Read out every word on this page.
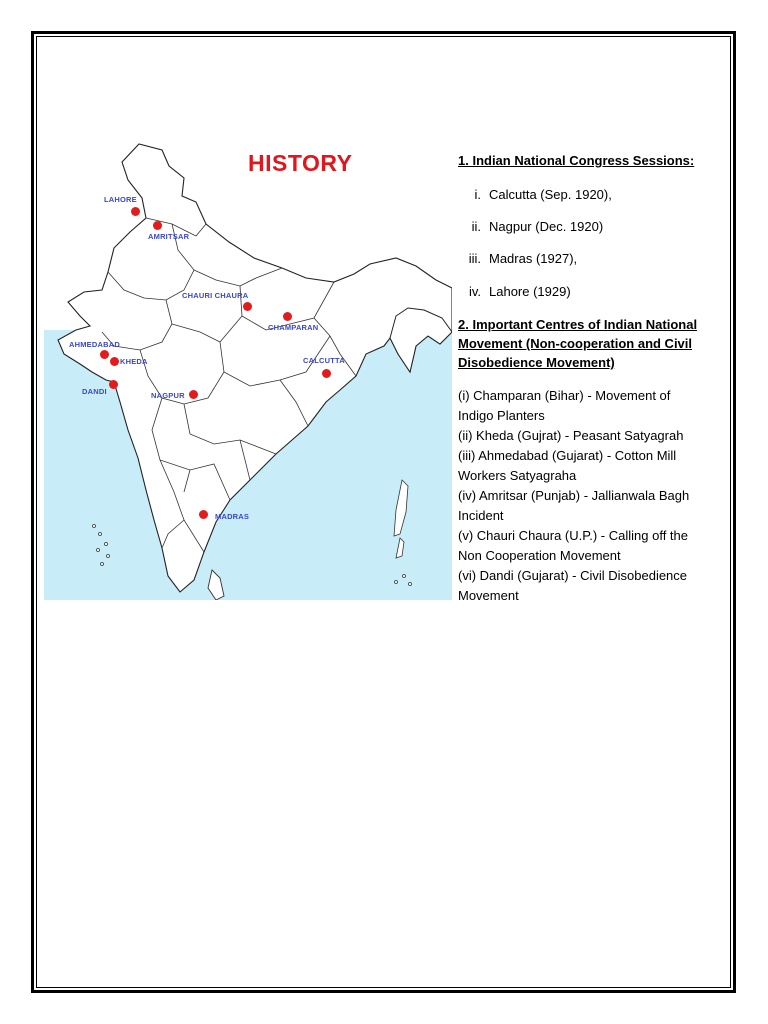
LAHORE
AMRITSAR
CHAURI CHAURA
CHAMPARAN
AHMEDABAD
KHEDA
DANDI
CALCUTTA
NAGPUR
MADRAS
HISTORY	1. Indian National Congress Sessions:
i. Calcutta (Sep. 1920),
ii. Nagpur (Dec. 1920)
iii. Madras (1927),
iv. Lahore (1929)
2. Important Centres of Indian National
Movement (Non-cooperation and Civil
Disobedience Movement)

(i) Champaran (Bihar) - Movement of

Indigo Planters

(ii) Kheda (Gujrat) - Peasant Satyagrah

(iii) Ahmedabad (Gujarat) - Cotton Mill

Workers Satyagraha

(iv) Amritsar (Punjab) - Jallianwala Bagh

Incident

(v) Chauri Chaura (U.P.) - Calling off the

Non Cooperation Movement

(vi) Dandi (Gujarat) - Civil Disobedience

Movement
